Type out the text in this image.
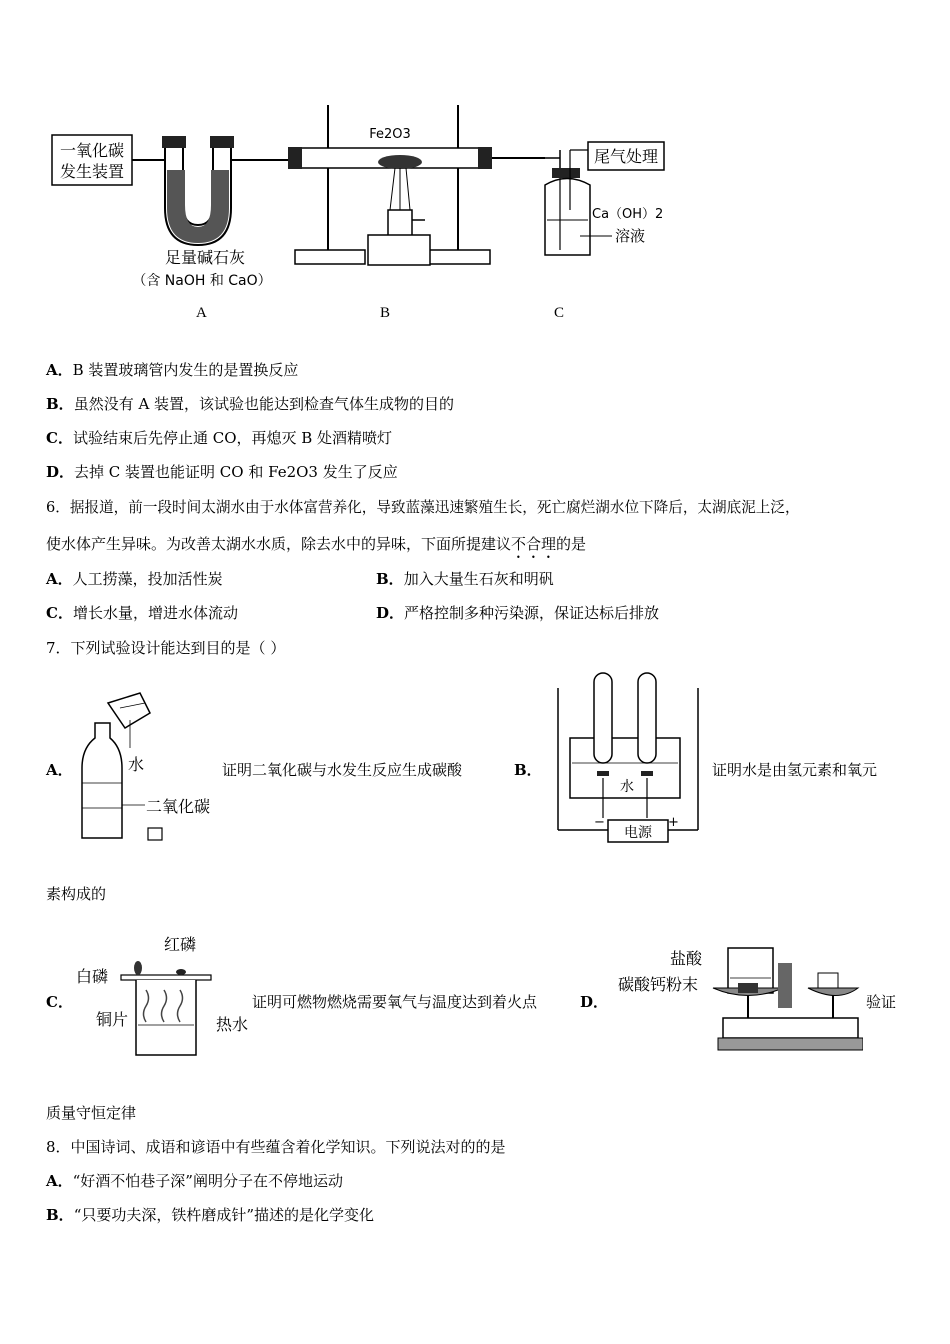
一氧化碳
发生装置
Fe2O3
尾气处理
Ca（OH）2
溶液
足量碱石灰
（含 NaOH 和 CaO）
A	B	C
A．B 装置玻璃管内发生的是置换反应
B．虽然没有 A 装置，该试验也能达到检查气体生成物的目的
C．试验结束后先停止通 CO，再熄灭 B 处酒精喷灯
D．去掉 C 装置也能证明 CO 和 Fe2O3 发生了反应
6．据报道，前一段时间太湖水由于水体富营养化，导致蓝藻迅速繁殖生长，死亡腐烂湖水位下降后，太湖底泥上泛，
使水体产生异味。为改善太湖水水质，除去水中的异味，下面所提建议不合理的是
A．人工捞藻，投加活性炭	B．加入大量生石灰和明矾
C．增长水量，增进水体流动	D．严格控制多种污染源，保证达标后排放
7．下列试验设计能达到目的是（ ）
A．	水
二氧化碳
证明二氧化碳与水发生反应生成碳酸	B．
水
电源
−	+
证明水是由氢元素和氧元
素构成的
C．
红磷
白磷
铜片	热水
证明可燃物燃烧需要氧气与温度达到着火点	D．
盐酸
碳酸钙粉末
验证
质量守恒定律
8．中国诗词、成语和谚语中有些蕴含着化学知识。下列说法对的的是
A．“好酒不怕巷子深”阐明分子在不停地运动
B．“只要功夫深，铁杵磨成针”描述的是化学变化
